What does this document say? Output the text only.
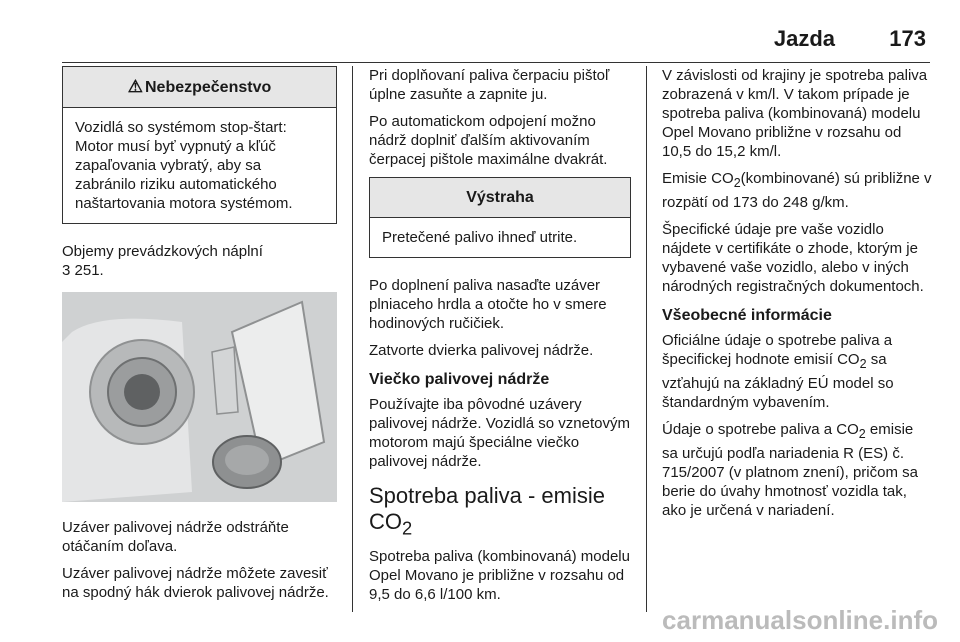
Jazda 173
⚠ Nebezpečenstvo
Vozidlá so systémom stop-štart: Motor musí byť vypnutý a kľúč zapaľovania vybratý, aby sa zabránilo riziku automatického naštartovania motora systémom.

Objemy prevádzkových náplní
3 251.

Uzáver palivovej nádrže odstráňte otáčaním doľava.

Uzáver palivovej nádrže môžete zavesiť na spodný hák dvierok palivovej nádrže.

Pri doplňovaní paliva čerpaciu pištoľ úplne zasuňte a zapnite ju.

Po automatickom odpojení možno nádrž doplniť ďalším aktivovaním čerpacej pištole maximálne dvakrát.

Výstraha
Pretečené palivo ihneď utrite.

Po doplnení paliva nasaďte uzáver plniaceho hrdla a otočte ho v smere hodinových ručičiek.

Zatvorte dvierka palivovej nádrže.

Viečko palivovej nádrže

Používajte iba pôvodné uzávery palivovej nádrže. Vozidlá so vznetovým motorom majú špeciálne viečko palivovej nádrže.

Spotreba paliva - emisie
$CO_2$

Spotreba paliva (kombinovaná) modelu Opel Movano je približne v rozsahu od 9,5 do 6,6 l/100 km.

V závislosti od krajiny je spotreba paliva zobrazená v km/l. V takom prípade je spotreba paliva (kombinovaná) modelu Opel Movano približne v rozsahu od 10,5 do 15,2 km/l.

Emisie $CO_2(kombinované)$ sú približne v rozpätí od 173 do 248 g/km.

Špecifické údaje pre vaše vozidlo nájdete v certifikáte o zhode, ktorým je vybavené vaše vozidlo, alebo v iných národných registračných dokumentoch.

Všeobecné informácie

Oficiálne údaje o spotrebe paliva a špecifickej hodnote emisií $CO_2$ sa vzťahujú na základný EÚ model so štandardným vybavením.

Údaje o spotrebe paliva a $CO_2$ emisie sa určujú podľa nariadenia R (ES) č. 715/2007 (v platnom znení), pričom sa berie do úvahy hmotnosť vozidla tak, ako je určená v nariadení.

carmanualsonline.info
